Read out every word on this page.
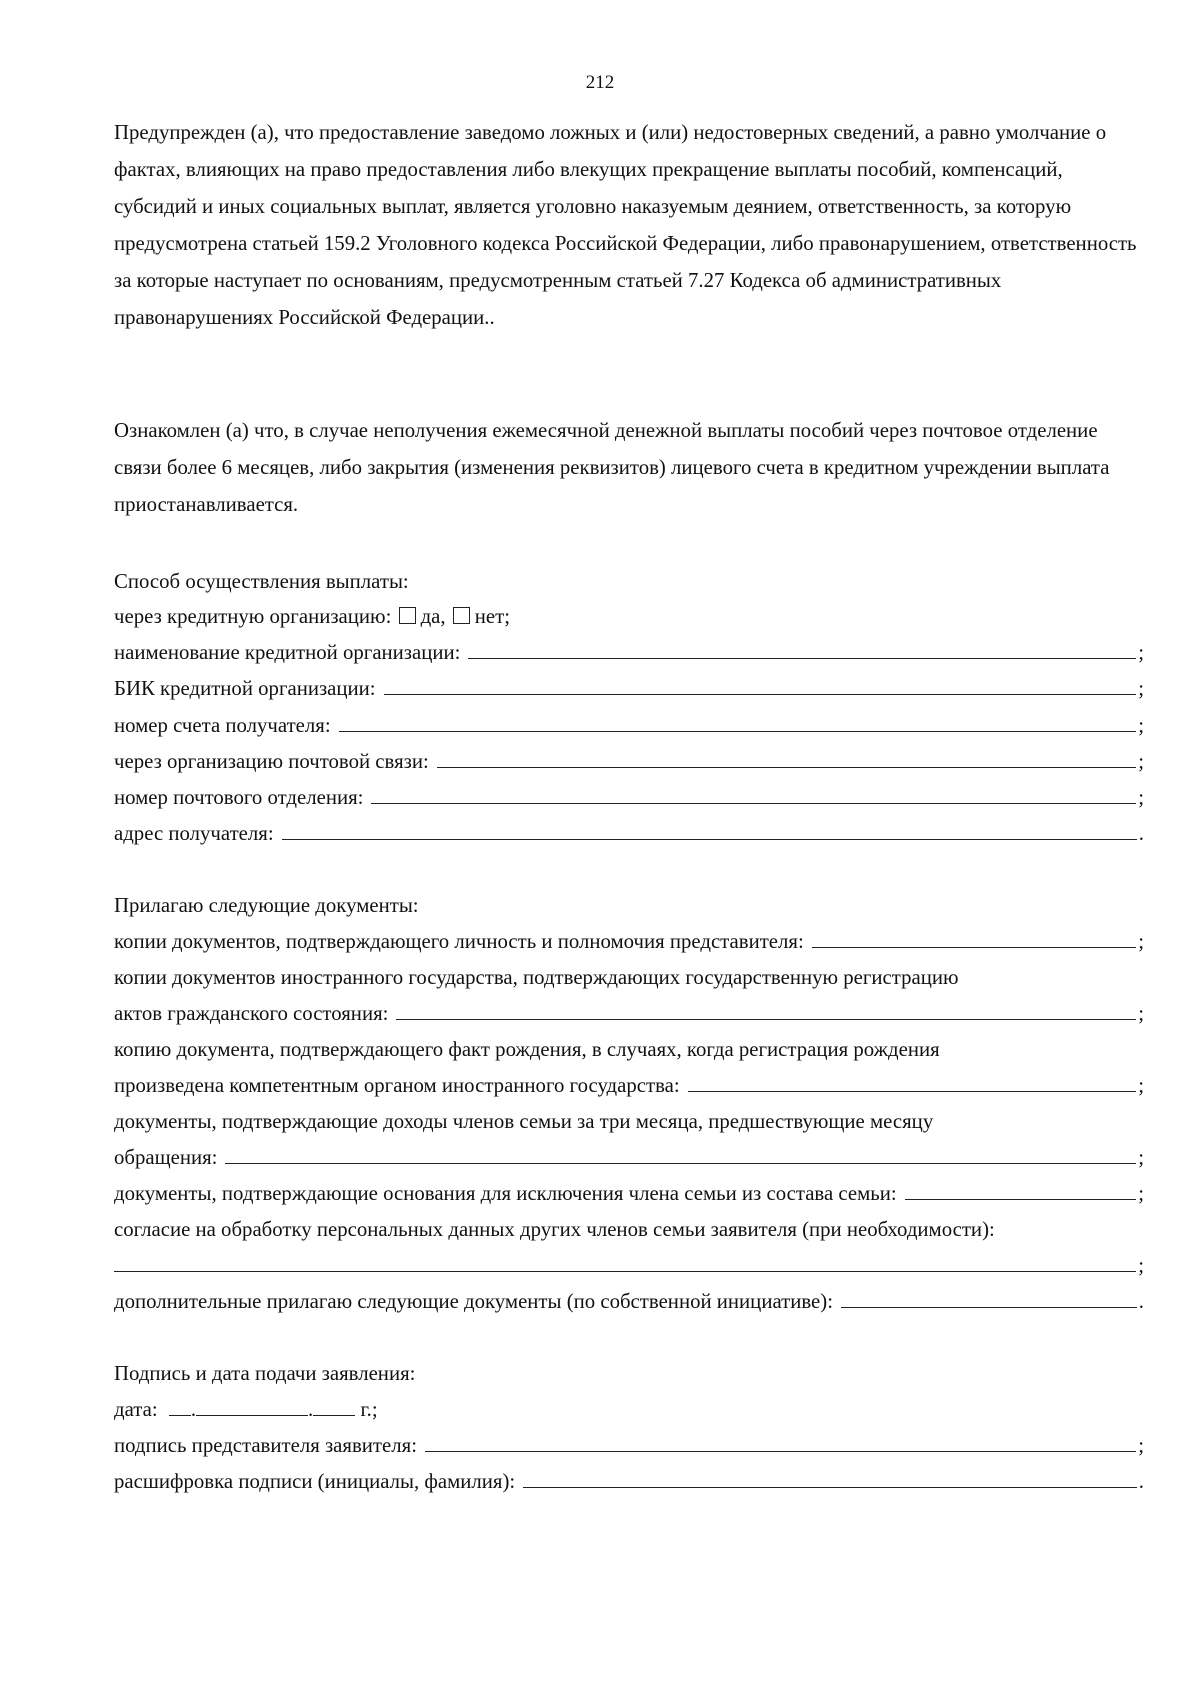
212
Предупрежден (а), что предоставление заведомо ложных и (или) недостоверных сведений, а равно умолчание о фактах, влияющих на право предоставления либо влекущих прекращение выплаты пособий, компенсаций, субсидий и иных социальных выплат, является уголовно наказуемым деянием, ответственность, за которую предусмотрена статьей 159.2 Уголовного кодекса Российской Федерации, либо правонарушением, ответственность за которые наступает по основаниям, предусмотренным статьей 7.27 Кодекса об административных правонарушениях Российской Федерации..
Ознакомлен (а) что, в случае неполучения ежемесячной денежной выплаты пособий через почтовое отделение связи более 6 месяцев, либо закрытия (изменения реквизитов) лицевого счета в кредитном учреждении выплата приостанавливается.
Способ осуществления выплаты:
через кредитную организацию: да, нет;
наименование кредитной организации:	;
БИК кредитной организации:	;
номер счета получателя:	;
через организацию почтовой связи:	;
номер почтового отделения:	;
адрес получателя:	.
Прилагаю следующие документы:
копии документов, подтверждающего личность и полномочия представителя:	;
копии документов иностранного государства, подтверждающих государственную регистрацию
актов гражданского состояния:	;
копию документа, подтверждающего факт рождения, в случаях, когда регистрация рождения
произведена компетентным органом иностранного государства:	;
документы, подтверждающие доходы членов семьи за три месяца, предшествующие месяцу
обращения:	;
документы, подтверждающие основания для исключения члена семьи из состава семьи:	;
согласие на обработку персональных данных других членов семьи заявителя (при необходимости):
;
дополнительные прилагаю следующие документы (по собственной инициативе):	.
Подпись и дата подачи заявления:
дата: .	. г.;
подпись представителя заявителя:	;
расшифровка подписи (инициалы, фамилия):	.
